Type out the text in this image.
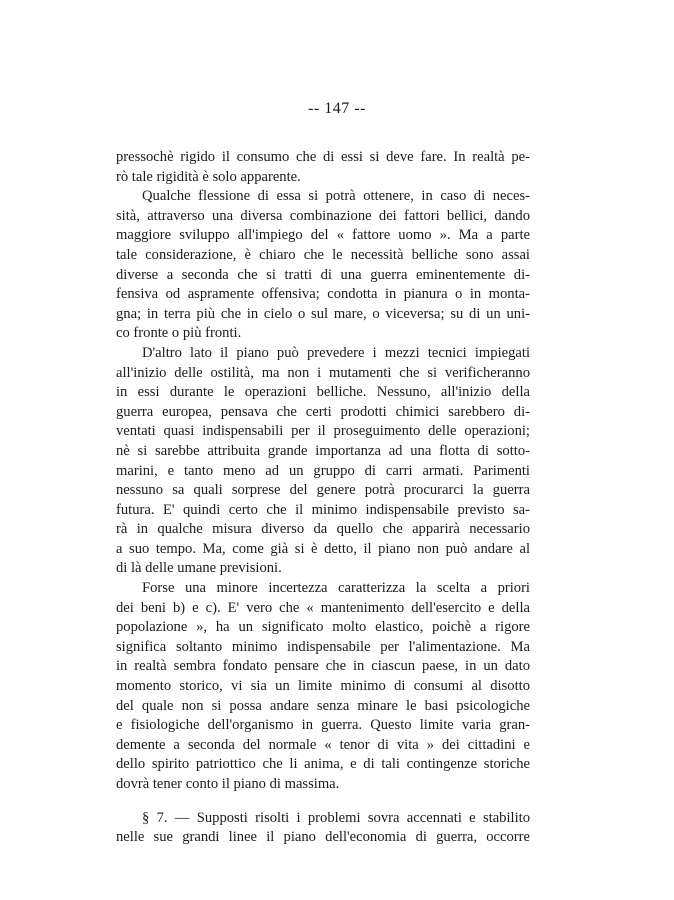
-- 147 --
pressochè rigido il consumo che di essi si deve fare. In realtà pe-
rò tale rigidità è solo apparente.
Qualche flessione di essa si potrà ottenere, in caso di neces-
sità, attraverso una diversa combinazione dei fattori bellici, dando
maggiore sviluppo all'impiego del « fattore uomo ». Ma a parte
tale considerazione, è chiaro che le necessità belliche sono assai
diverse a seconda che si tratti di una guerra eminentemente di-
fensiva od aspramente offensiva; condotta in pianura o in monta-
gna; in terra più che in cielo o sul mare, o viceversa; su di un uni-
co fronte o più fronti.
D'altro lato il piano può prevedere i mezzi tecnici impiegati
all'inizio delle ostilità, ma non i mutamenti che si verificheranno
in essi durante le operazioni belliche. Nessuno, all'inizio della
guerra europea, pensava che certi prodotti chimici sarebbero di-
ventati quasi indispensabili per il proseguimento delle operazioni;
nè si sarebbe attribuita grande importanza ad una flotta di sotto-
marini, e tanto meno ad un gruppo di carri armati. Parimenti
nessuno sa quali sorprese del genere potrà procurarci la guerra
futura. E' quindi certo che il minimo indispensabile previsto sa-
rà in qualche misura diverso da quello che apparirà necessario
a suo tempo. Ma, come già si è detto, il piano non può andare al
di là delle umane previsioni.
Forse una minore incertezza caratterizza la scelta a priori
dei beni b) e c). E' vero che « mantenimento dell'esercito e della
popolazione », ha un significato molto elastico, poichè a rigore
significa soltanto minimo indispensabile per l'alimentazione. Ma
in realtà sembra fondato pensare che in ciascun paese, in un dato
momento storico, vi sia un limite minimo di consumi al disotto
del quale non si possa andare senza minare le basi psicologiche
e fisiologiche dell'organismo in guerra. Questo limite varia gran-
demente a seconda del normale « tenor di vita » dei cittadini e
dello spirito patriottico che li anima, e di tali contingenze storiche
dovrà tener conto il piano di massima.
§ 7. — Supposti risolti i problemi sovra accennati e stabilito
nelle sue grandi linee il piano dell'economia di guerra, occorre
